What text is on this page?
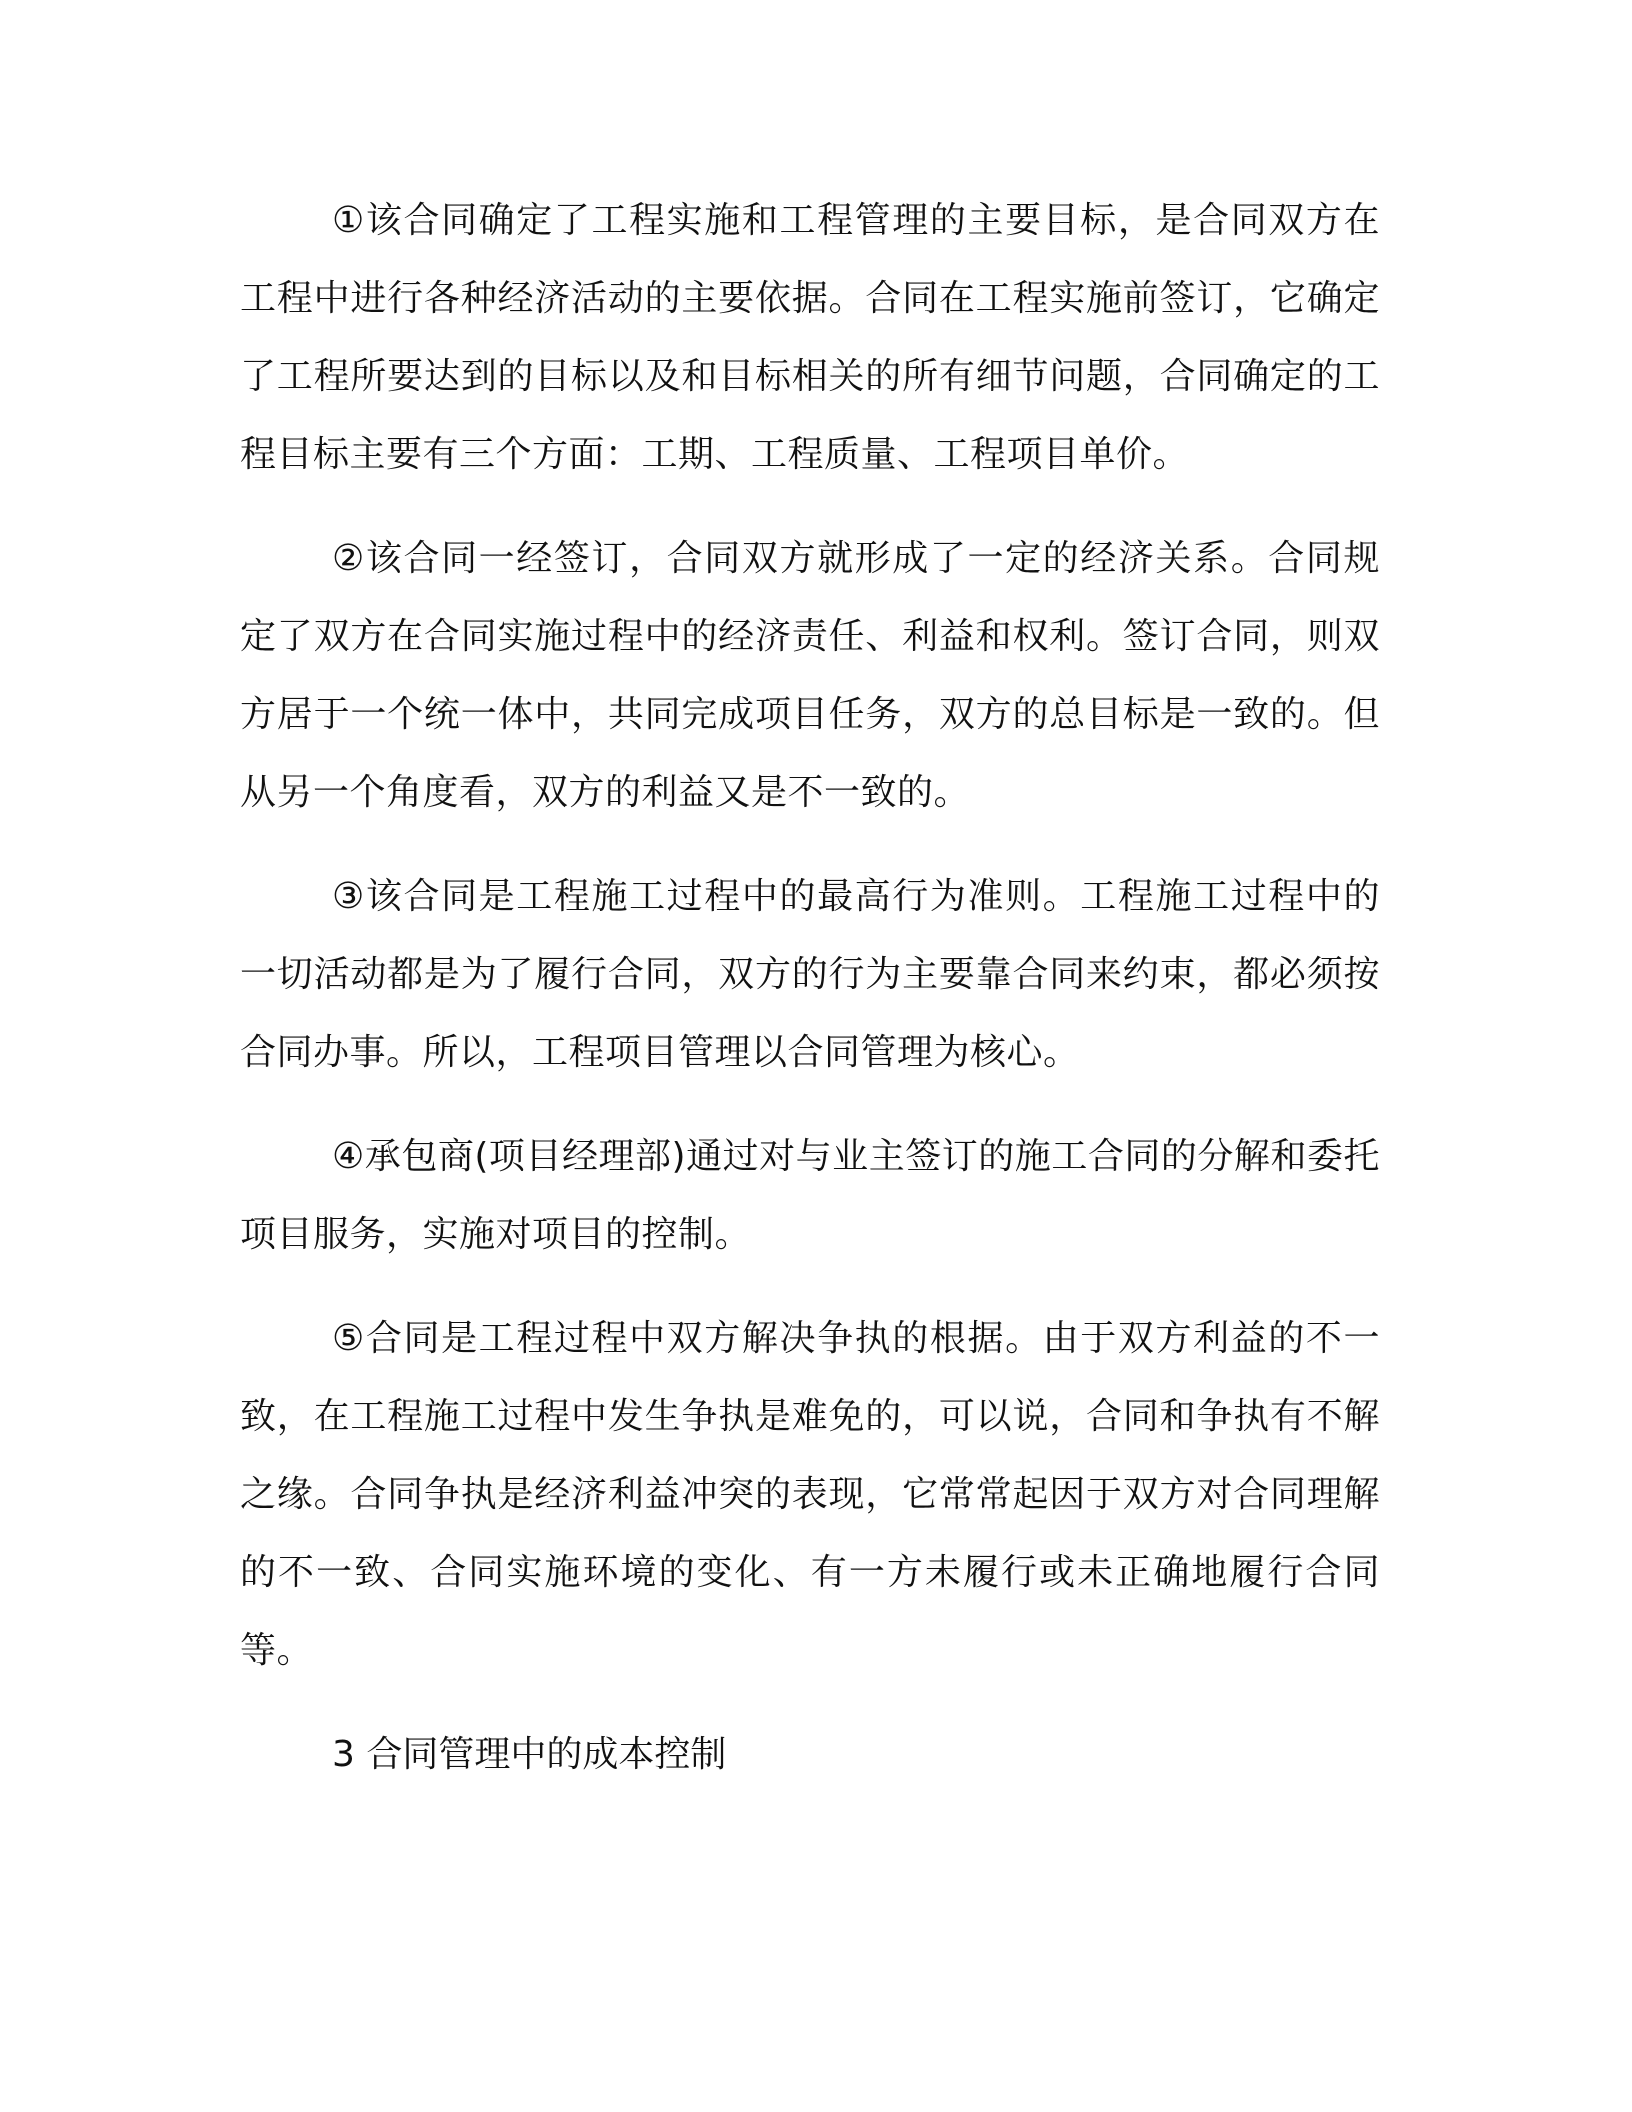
①该合同确定了工程实施和工程管理的主要目标，是合同双方在工程中进行各种经济活动的主要依据。合同在工程实施前签订，它确定了工程所要达到的目标以及和目标相关的所有细节问题，合同确定的工程目标主要有三个方面：工期、工程质量、工程项目单价。

②该合同一经签订，合同双方就形成了一定的经济关系。合同规定了双方在合同实施过程中的经济责任、利益和权利。签订合同，则双方居于一个统一体中，共同完成项目任务，双方的总目标是一致的。但从另一个角度看，双方的利益又是不一致的。

③该合同是工程施工过程中的最高行为准则。工程施工过程中的一切活动都是为了履行合同，双方的行为主要靠合同来约束，都必须按合同办事。所以，工程项目管理以合同管理为核心。

④承包商(项目经理部)通过对与业主签订的施工合同的分解和委托项目服务，实施对项目的控制。

⑤合同是工程过程中双方解决争执的根据。由于双方利益的不一致，在工程施工过程中发生争执是难免的，可以说，合同和争执有不解之缘。合同争执是经济利益冲突的表现，它常常起因于双方对合同理解的不一致、合同实施环境的变化、有一方未履行或未正确地履行合同等。

3 合同管理中的成本控制
